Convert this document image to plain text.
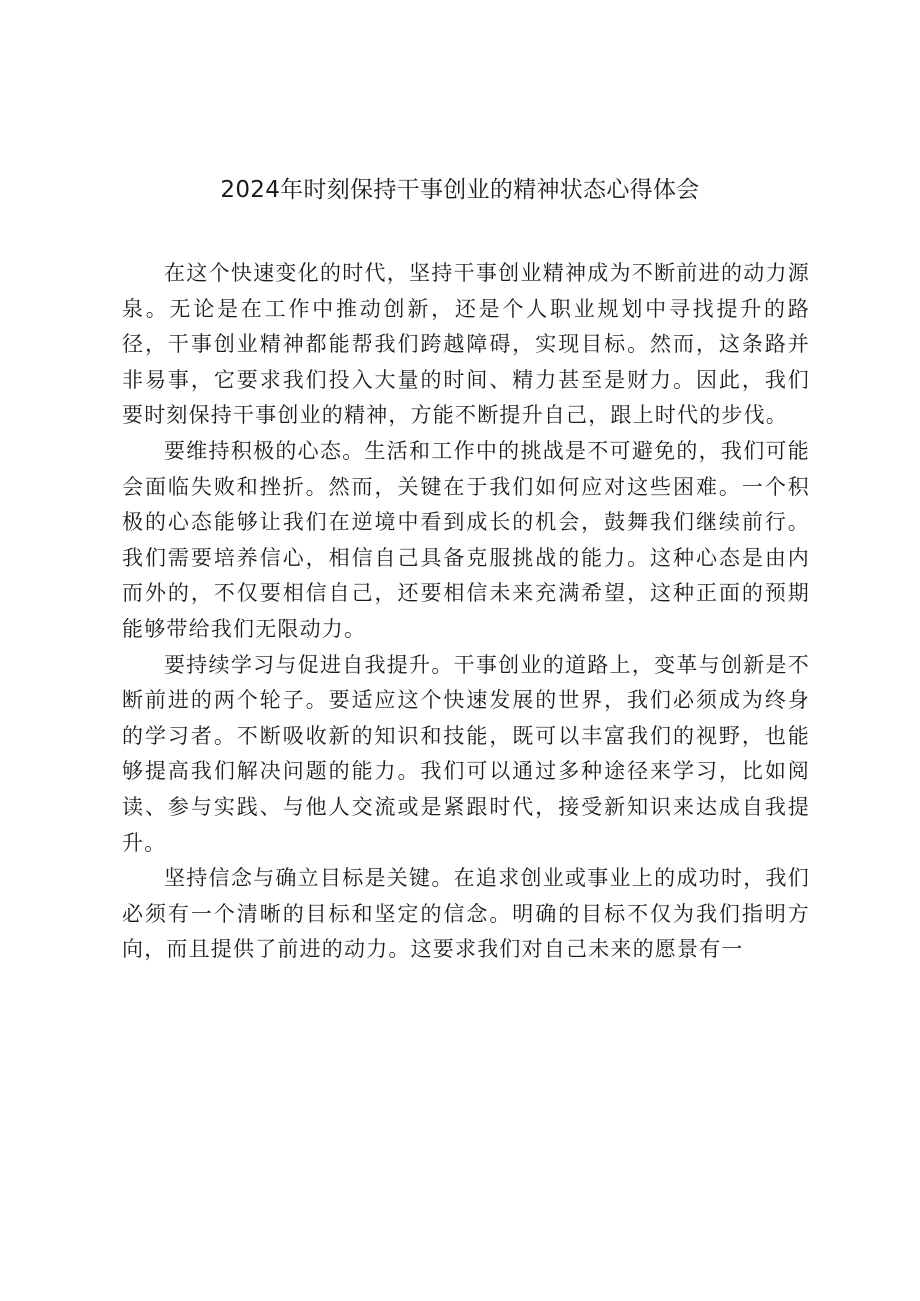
2024年时刻保持干事创业的精神状态心得体会

在这个快速变化的时代，坚持干事创业精神成为不断前进的动力源泉。无论是在工作中推动创新，还是个人职业规划中寻找提升的路径，干事创业精神都能帮我们跨越障碍，实现目标。然而，这条路并非易事，它要求我们投入大量的时间、精力甚至是财力。因此，我们要时刻保持干事创业的精神，方能不断提升自己，跟上时代的步伐。

要维持积极的心态。生活和工作中的挑战是不可避免的，我们可能会面临失败和挫折。然而，关键在于我们如何应对这些困难。一个积极的心态能够让我们在逆境中看到成长的机会，鼓舞我们继续前行。我们需要培养信心，相信自己具备克服挑战的能力。这种心态是由内而外的，不仅要相信自己，还要相信未来充满希望，这种正面的预期能够带给我们无限动力。

要持续学习与促进自我提升。干事创业的道路上，变革与创新是不断前进的两个轮子。要适应这个快速发展的世界，我们必须成为终身的学习者。不断吸收新的知识和技能，既可以丰富我们的视野，也能够提高我们解决问题的能力。我们可以通过多种途径来学习，比如阅读、参与实践、与他人交流或是紧跟时代，接受新知识来达成自我提升。

坚持信念与确立目标是关键。在追求创业或事业上的成功时，我们必须有一个清晰的目标和坚定的信念。明确的目标不仅为我们指明方向，而且提供了前进的动力。这要求我们对自己未来的愿景有一
